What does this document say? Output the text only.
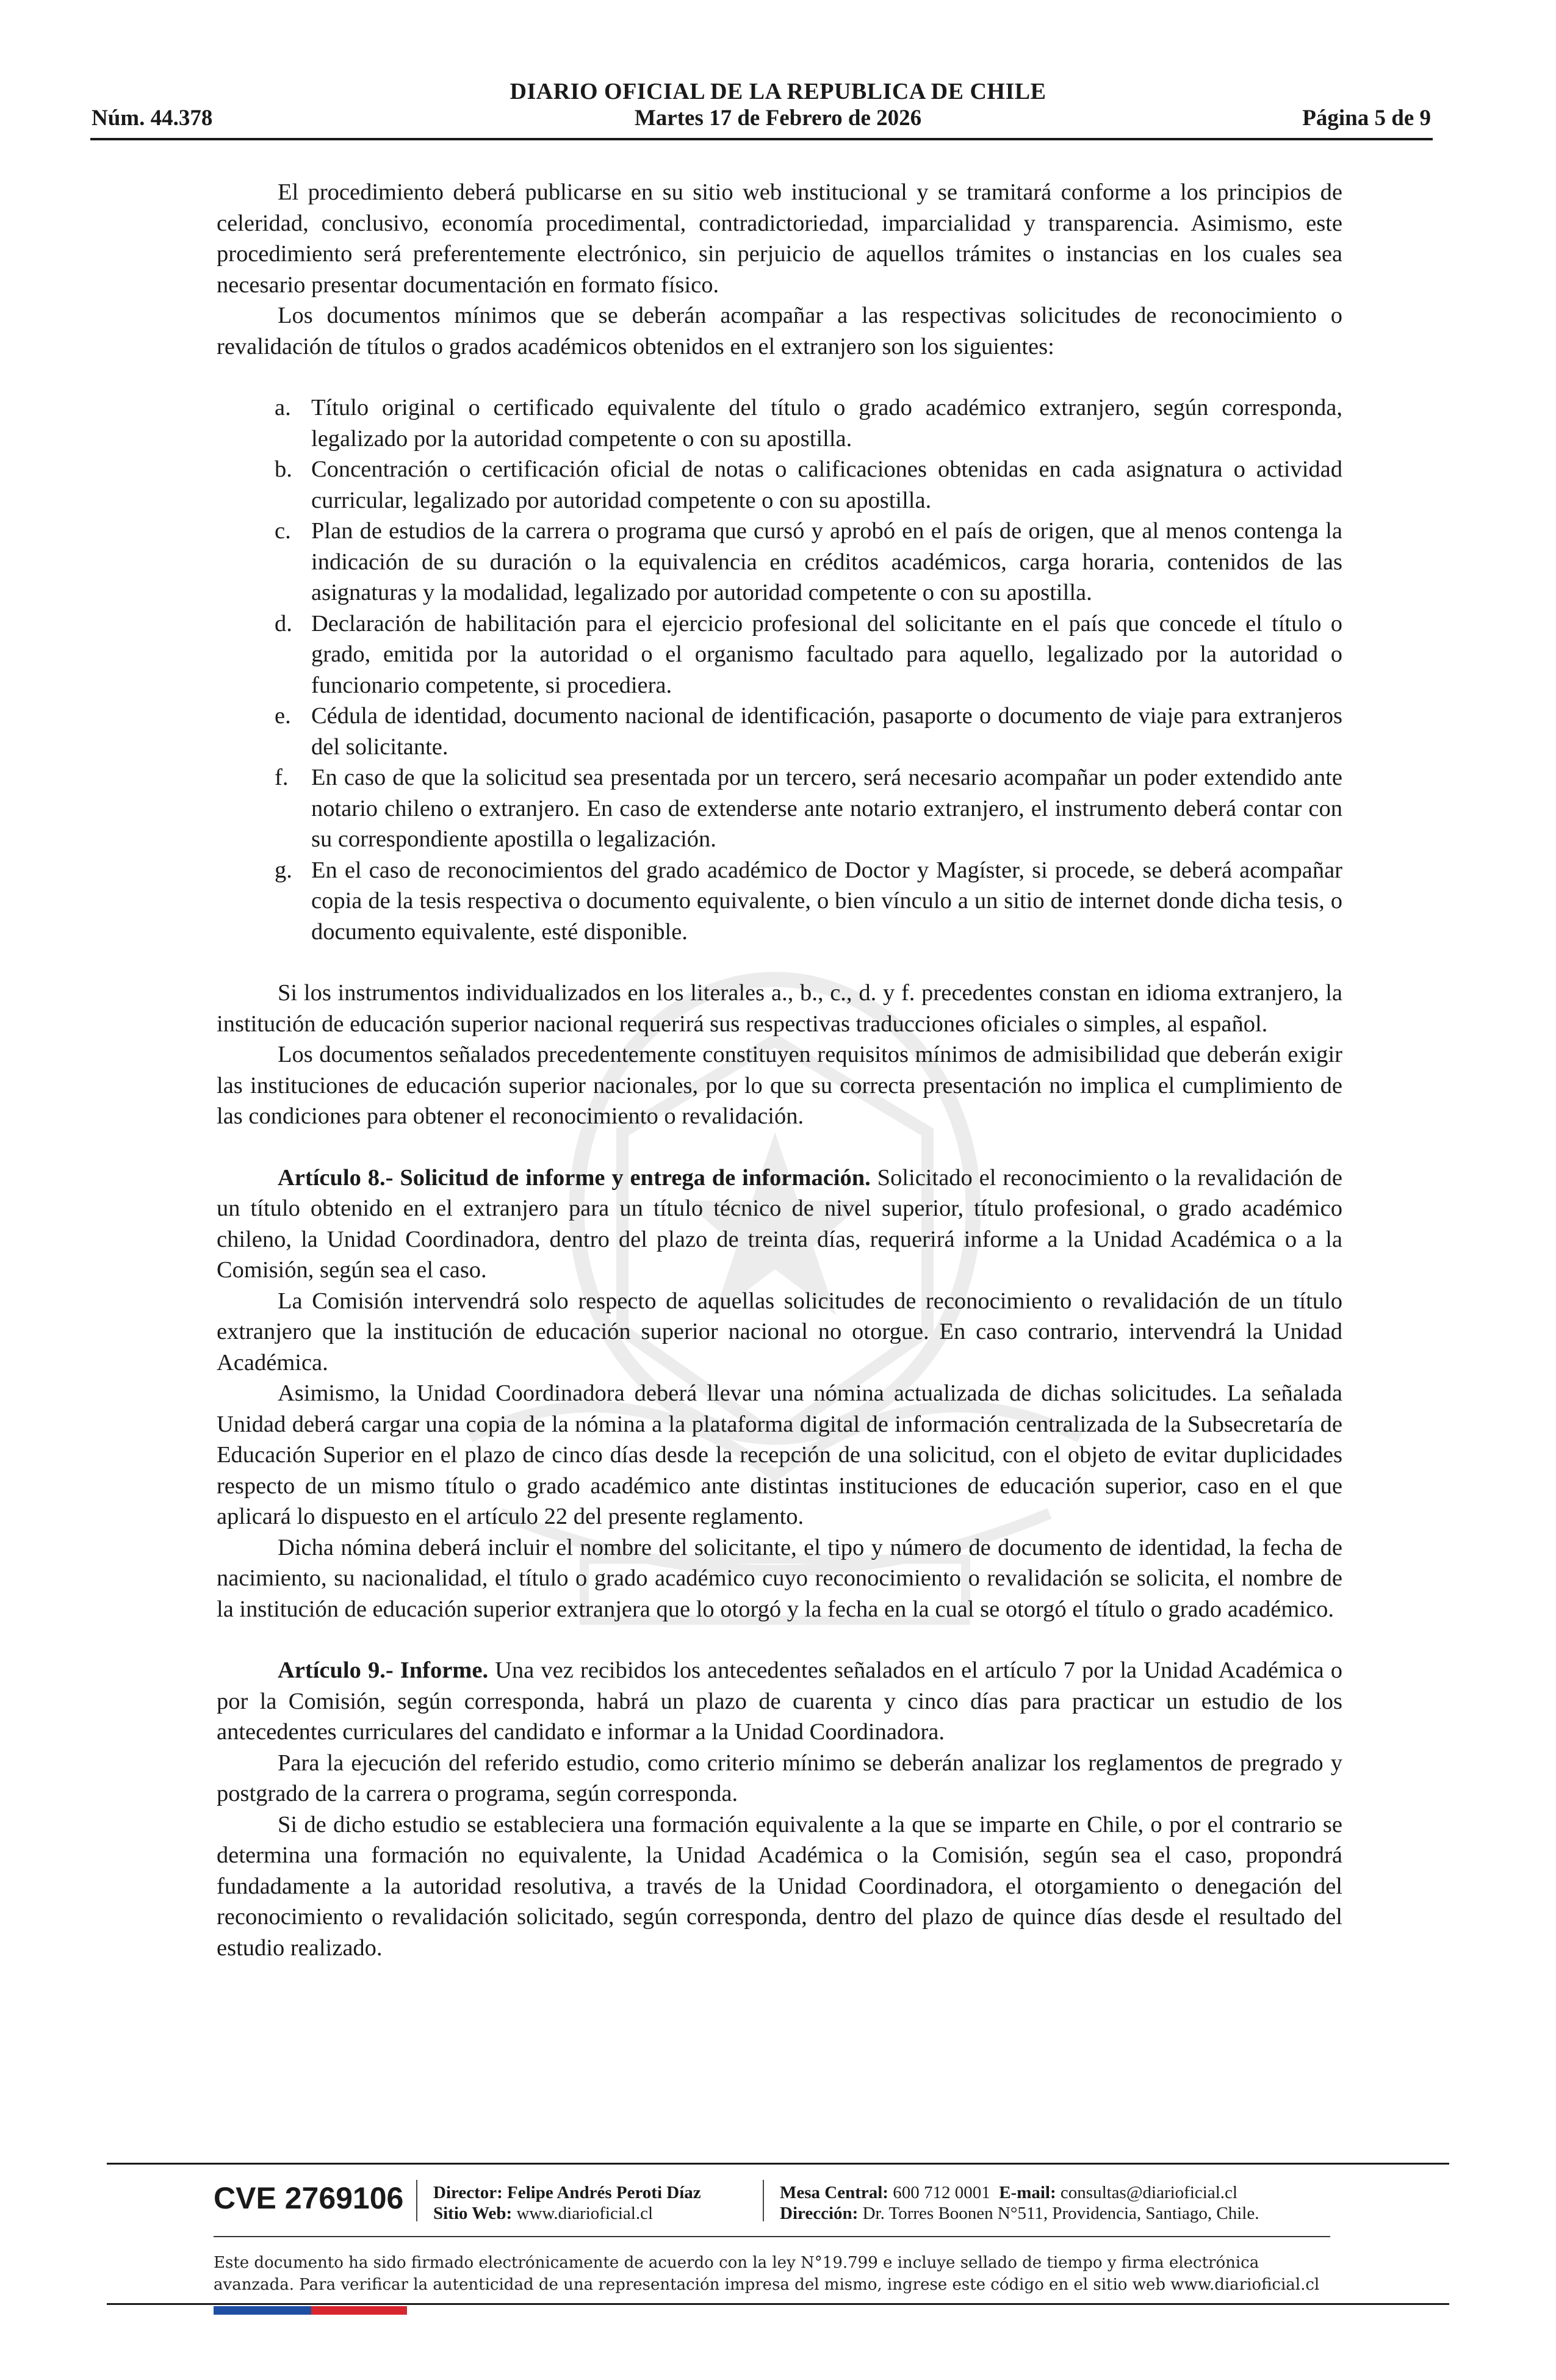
DIARIO OFICIAL DE LA REPUBLICA DE CHILE
Núm. 44.378	Martes 17 de Febrero de 2026	Página 5 de 9

El procedimiento deberá publicarse en su sitio web institucional y se tramitará conforme a los principios de celeridad, conclusivo, economía procedimental, contradictoriedad, imparcialidad y transparencia. Asimismo, este procedimiento será preferentemente electrónico, sin perjuicio de aquellos trámites o instancias en los cuales sea necesario presentar documentación en formato físico.

Los documentos mínimos que se deberán acompañar a las respectivas solicitudes de reconocimiento o revalidación de títulos o grados académicos obtenidos en el extranjero son los siguientes:

a. Título original o certificado equivalente del título o grado académico extranjero, según corresponda, legalizado por la autoridad competente o con su apostilla.
b. Concentración o certificación oficial de notas o calificaciones obtenidas en cada asignatura o actividad curricular, legalizado por autoridad competente o con su apostilla.
c. Plan de estudios de la carrera o programa que cursó y aprobó en el país de origen, que al menos contenga la indicación de su duración o la equivalencia en créditos académicos, carga horaria, contenidos de las asignaturas y la modalidad, legalizado por autoridad competente o con su apostilla.
d. Declaración de habilitación para el ejercicio profesional del solicitante en el país que concede el título o grado, emitida por la autoridad o el organismo facultado para aquello, legalizado por la autoridad o funcionario competente, si procediera.
e. Cédula de identidad, documento nacional de identificación, pasaporte o documento de viaje para extranjeros del solicitante.
f. En caso de que la solicitud sea presentada por un tercero, será necesario acompañar un poder extendido ante notario chileno o extranjero. En caso de extenderse ante notario extranjero, el instrumento deberá contar con su correspondiente apostilla o legalización.
g. En el caso de reconocimientos del grado académico de Doctor y Magíster, si procede, se deberá acompañar copia de la tesis respectiva o documento equivalente, o bien vínculo a un sitio de internet donde dicha tesis, o documento equivalente, esté disponible.

Si los instrumentos individualizados en los literales a., b., c., d. y f. precedentes constan en idioma extranjero, la institución de educación superior nacional requerirá sus respectivas traducciones oficiales o simples, al español.

Los documentos señalados precedentemente constituyen requisitos mínimos de admisibilidad que deberán exigir las instituciones de educación superior nacionales, por lo que su correcta presentación no implica el cumplimiento de las condiciones para obtener el reconocimiento o revalidación.

Artículo 8.- Solicitud de informe y entrega de información. Solicitado el reconocimiento o la revalidación de un título obtenido en el extranjero para un título técnico de nivel superior, título profesional, o grado académico chileno, la Unidad Coordinadora, dentro del plazo de treinta días, requerirá informe a la Unidad Académica o a la Comisión, según sea el caso.

La Comisión intervendrá solo respecto de aquellas solicitudes de reconocimiento o revalidación de un título extranjero que la institución de educación superior nacional no otorgue. En caso contrario, intervendrá la Unidad Académica.

Asimismo, la Unidad Coordinadora deberá llevar una nómina actualizada de dichas solicitudes. La señalada Unidad deberá cargar una copia de la nómina a la plataforma digital de información centralizada de la Subsecretaría de Educación Superior en el plazo de cinco días desde la recepción de una solicitud, con el objeto de evitar duplicidades respecto de un mismo título o grado académico ante distintas instituciones de educación superior, caso en el que aplicará lo dispuesto en el artículo 22 del presente reglamento.

Dicha nómina deberá incluir el nombre del solicitante, el tipo y número de documento de identidad, la fecha de nacimiento, su nacionalidad, el título o grado académico cuyo reconocimiento o revalidación se solicita, el nombre de la institución de educación superior extranjera que lo otorgó y la fecha en la cual se otorgó el título o grado académico.

Artículo 9.- Informe. Una vez recibidos los antecedentes señalados en el artículo 7 por la Unidad Académica o por la Comisión, según corresponda, habrá un plazo de cuarenta y cinco días para practicar un estudio de los antecedentes curriculares del candidato e informar a la Unidad Coordinadora.

Para la ejecución del referido estudio, como criterio mínimo se deberán analizar los reglamentos de pregrado y postgrado de la carrera o programa, según corresponda.

Si de dicho estudio se estableciera una formación equivalente a la que se imparte en Chile, o por el contrario se determina una formación no equivalente, la Unidad Académica o la Comisión, según sea el caso, propondrá fundadamente a la autoridad resolutiva, a través de la Unidad Coordinadora, el otorgamiento o denegación del reconocimiento o revalidación solicitado, según corresponda, dentro del plazo de quince días desde el resultado del estudio realizado.

CVE 2769106 Director: Felipe Andrés Peroti Díaz
Sitio Web: www.diarioficial.cl
Mesa Central: 600 712 0001 E-mail: consultas@diarioficial.cl
Dirección: Dr. Torres Boonen N°511, Providencia, Santiago, Chile.
Este documento ha sido firmado electrónicamente de acuerdo con la ley N°19.799 e incluye sellado de tiempo y firma electrónica
avanzada. Para verificar la autenticidad de una representación impresa del mismo, ingrese este código en el sitio web www.diarioficial.cl
